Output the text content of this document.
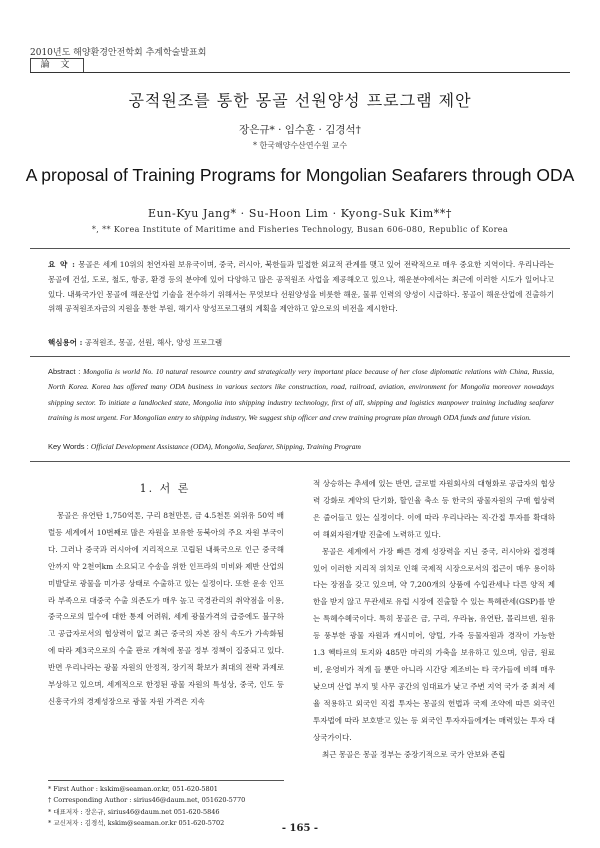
2010년도 해양환경안전학회 추계학술발표회
論 文
공적원조를 통한 몽골 선원양성 프로그램 제안
장은규* · 임수훈 · 김경석†
* 한국해양수산연수원 교수
A proposal of Training Programs for Mongolian Seafarers through ODA
Eun-Kyu Jang* · Su-Hoon Lim · Kyong-Suk Kim**†
*, ** Korea Institute of Maritime and Fisheries Technology, Busan 606-080, Republic of Korea
요 약 : 몽골은 세계 10위의 천연자원 보유국이며, 중국, 러시아, 북한들과 밀접한 외교적 관계를 맺고 있어 전략적으로 매우 중요한 지역이다. 우리나라는 몽골에 건설, 도로, 철도, 항공, 환경 등의 분야에 있어 다양하고 많은 공적원조 사업을 제공해오고 있으나, 해운분야에서는 최근에 이러한 시도가 일어나고 있다. 내륙국가인 몽골에 해운산업 기술을 전수하기 위해서는 무엇보다 선원양성을 비롯한 해운, 물류 인력의 양성이 시급하다. 몽골이 해운산업에 진출하기 위해 공적원조자금의 지원을 통한 부원, 해기사 양성프로그램의 계획을 제안하고 앞으로의 비전을 제시한다.
핵심용어 : 공적원조, 몽골, 선원, 해사, 양성 프로그램
Abstract : Mongolia is world No. 10 natural resource country and strategically very important place because of her close diplomatic relations with China, Russia, North Korea. Korea has offered many ODA business in various sectors like construction, road, railroad, aviation, environment for Mongolia moreover nowadays shipping sector. To initiate a landlocked state, Mongolia into shipping industry technology, first of all, shipping and logistics manpower training including seafarer training is most urgent. For Mongolian entry to shipping industry, We suggest ship officer and crew training program plan through ODA funds and future vision.
Key Words : Official Development Assistance (ODA), Mongolia, Seafarer, Shipping, Training Program
1. 서 론

몽골은 유연탄 1,750억톤, 구리 8천만톤, 금 4.5천톤 외위유 50억 배럴등 세계에서 10번째로 많은 자원을 보유한 동북아의 주요 자원 부국이다. 그러나 중국과 러시아에 지리적으로 고립된 내륙국으로 인근 중국해안까지 약 2천여km 소요되고 수송을 위한 인프라의 미비와 제반 산업의 미발달로 광물을 미가공 상태로 수출하고 있는 실정이다. 또한 운송 인프라 부족으로 대중국 수출 의존도가 매우 높고 국경관리의 취약점을 이용, 중국으로의 밀수에 대한 통제 어려워, 세계 광물가격의 급증에도 불구하고 공급자로서의 협상력이 없고 최근 중국의 자본 잠식 속도가 가속화됨에 따라 제3국으로의 수출 판로 개척에 몽골 정부 정책이 집중되고 있다. 반면 우리나라는 광물 자원의 안정적, 장기적 확보가 최대의 전략 과제로 부상하고 있으며, 세계적으로 한정된 광물 자원의 특성상, 중국, 인도 등 신흥국가의 경제성장으로 광물 자원 가격은 지속

적 상승하는 추세에 있는 반면, 글로벌 자원회사의 대형화로 공급자의 협상력 강화로 계약의 단기화, 할인율 축소 등 한국의 광물자원의 구매 협상력은 줄어들고 있는 실정이다. 이에 따라 우리나라는 직·간접 투자를 확대하여 해외자원개발 진출에 노력하고 있다.

몽골은 세계에서 가장 빠른 경제 성장력을 지닌 중국, 러시아와 접경해 있어 이러한 지리적 위치로 인해 국제적 시장으로서의 접근이 매우 용이하다는 장점을 갖고 있으며, 약 7,200개의 상품에 수입관세나 다른 양적 제한을 받지 않고 무관세로 유럽 시장에 진출할 수 있는 특혜관세(GSP)를 받는 특혜수혜국이다. 특히 몽골은 금, 구리, 우라늄, 유연탄, 몰리브덴, 원유 등 풍부한 광물 자원과 캐시미어, 양털, 가죽 등물자원과 경작이 가능한 1.3 헥타르의 토지와 485만 마리의 가축을 보유하고 있으며, 임금, 원료비, 운영비가 적게 들 뿐만 아니라 시간당 제조비는 타 국가들에 비해 매우 낮으며 산업 부지 및 사무 공간의 임대료가 낮고 주변 지역 국가 중 최저 세율 적용하고 외국인 직접 투자는 몽골의 헌법과 국제 조약에 따른 외국인 투자법에 따라 보호받고 있는 등 외국인 투자자들에게는 매력있는 투자 대상국가이다.

최근 몽골은 몽골 정부는 중장기적으로 국가 안보와 존립

* First Author : kskim@seaman.or.kr, 051-620-5801
† Corresponding Author : sirius46@daum.net, 051620-5770
* 대표저자 : 장은규, sirius46@daum.net 051-620-5846
* 교신저자 : 김경석, kskim@seaman.or.kr 051-620-5702
- 165 -
